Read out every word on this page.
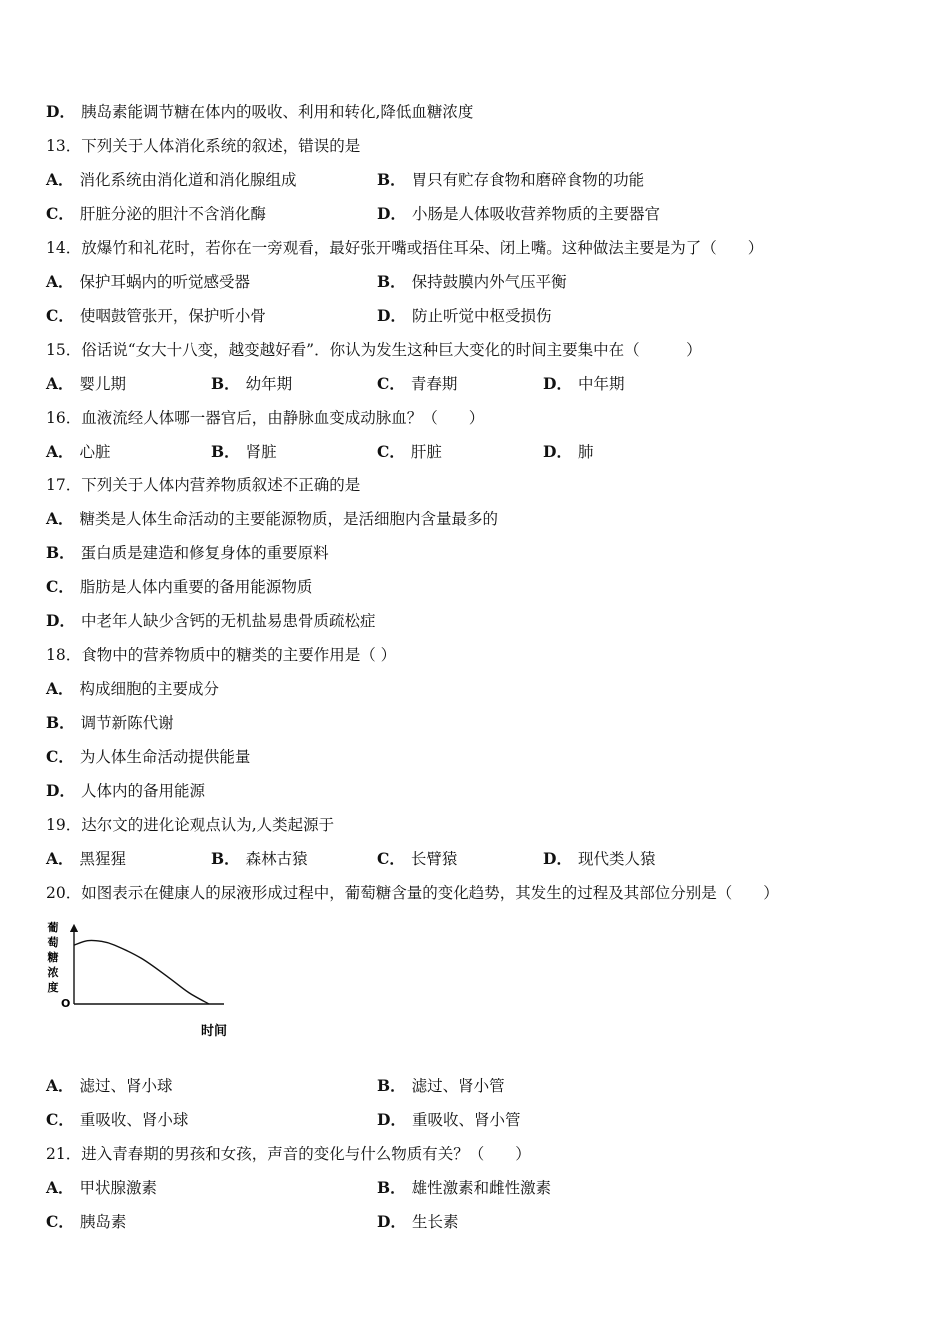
D． 胰岛素能调节糖在体内的吸收、利用和转化,降低血糖浓度
13．下列关于人体消化系统的叙述，错误的是
A． 消化系统由消化道和消化腺组成	B． 胃只有贮存食物和磨碎食物的功能
C． 肝脏分泌的胆汁不含消化酶	D． 小肠是人体吸收营养物质的主要器官
14．放爆竹和礼花时，若你在一旁观看，最好张开嘴或捂住耳朵、闭上嘴。这种做法主要是为了（　　）
A． 保护耳蜗内的听觉感受器	B． 保持鼓膜内外气压平衡
C． 使咽鼓管张开，保护听小骨	D． 防止听觉中枢受损伤
15．俗话说“女大十八变，越变越好看”．你认为发生这种巨大变化的时间主要集中在（　　　）
A． 婴儿期	B． 幼年期	C． 青春期	D． 中年期
16．血液流经人体哪一器官后，由静脉血变成动脉血？（　　）
A． 心脏	B． 肾脏	C． 肝脏	D． 肺
17．下列关于人体内营养物质叙述不正确的是
A． 糖类是人体生命活动的主要能源物质，是活细胞内含量最多的
B． 蛋白质是建造和修复身体的重要原料
C． 脂肪是人体内重要的备用能源物质
D． 中老年人缺少含钙的无机盐易患骨质疏松症
18．食物中的营养物质中的糖类的主要作用是（ ）
A． 构成细胞的主要成分
B． 调节新陈代谢
C． 为人体生命活动提供能量
D． 人体内的备用能源
19．达尔文的进化论观点认为,人类起源于
A． 黑猩猩	B． 森林古猿	C． 长臂猿	D． 现代类人猿
20．如图表示在健康人的尿液形成过程中，葡萄糖含量的变化趋势，其发生的过程及其部位分别是（　　）
葡
萄
糖
浓
度
O
时间
A． 滤过、肾小球	B． 滤过、肾小管
C． 重吸收、肾小球	D． 重吸收、肾小管
21．进入青春期的男孩和女孩，声音的变化与什么物质有关？（　　）
A． 甲状腺激素	B． 雄性激素和雌性激素
C． 胰岛素	D． 生长素
